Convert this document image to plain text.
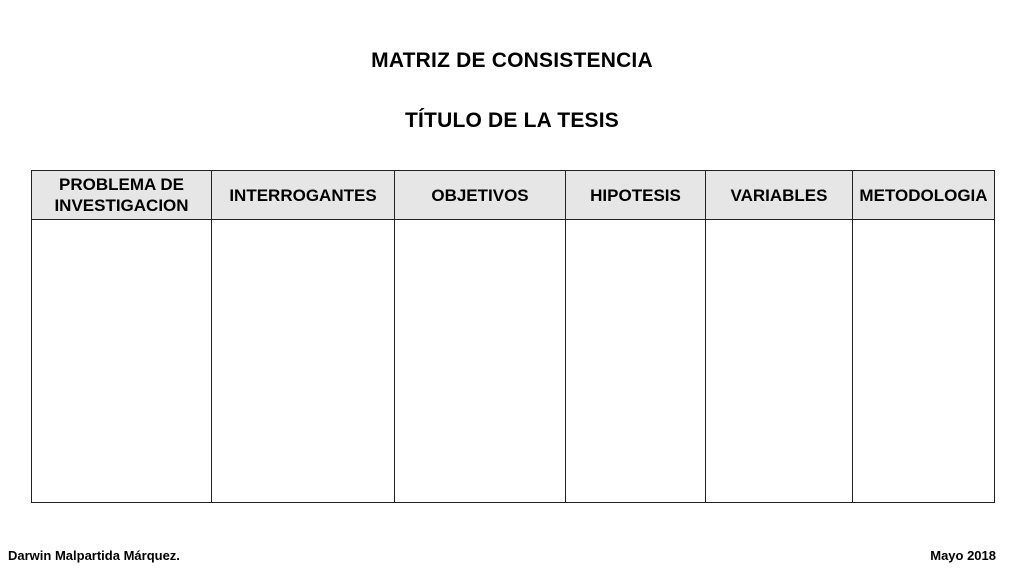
MATRIZ DE CONSISTENCIA
TÍTULO DE LA TESIS
PROBLEMA DE INVESTIGACION	INTERROGANTES	OBJETIVOS	HIPOTESIS	VARIABLES	METODOLOGIA

Darwin Malpartida Márquez.	Mayo 2018
